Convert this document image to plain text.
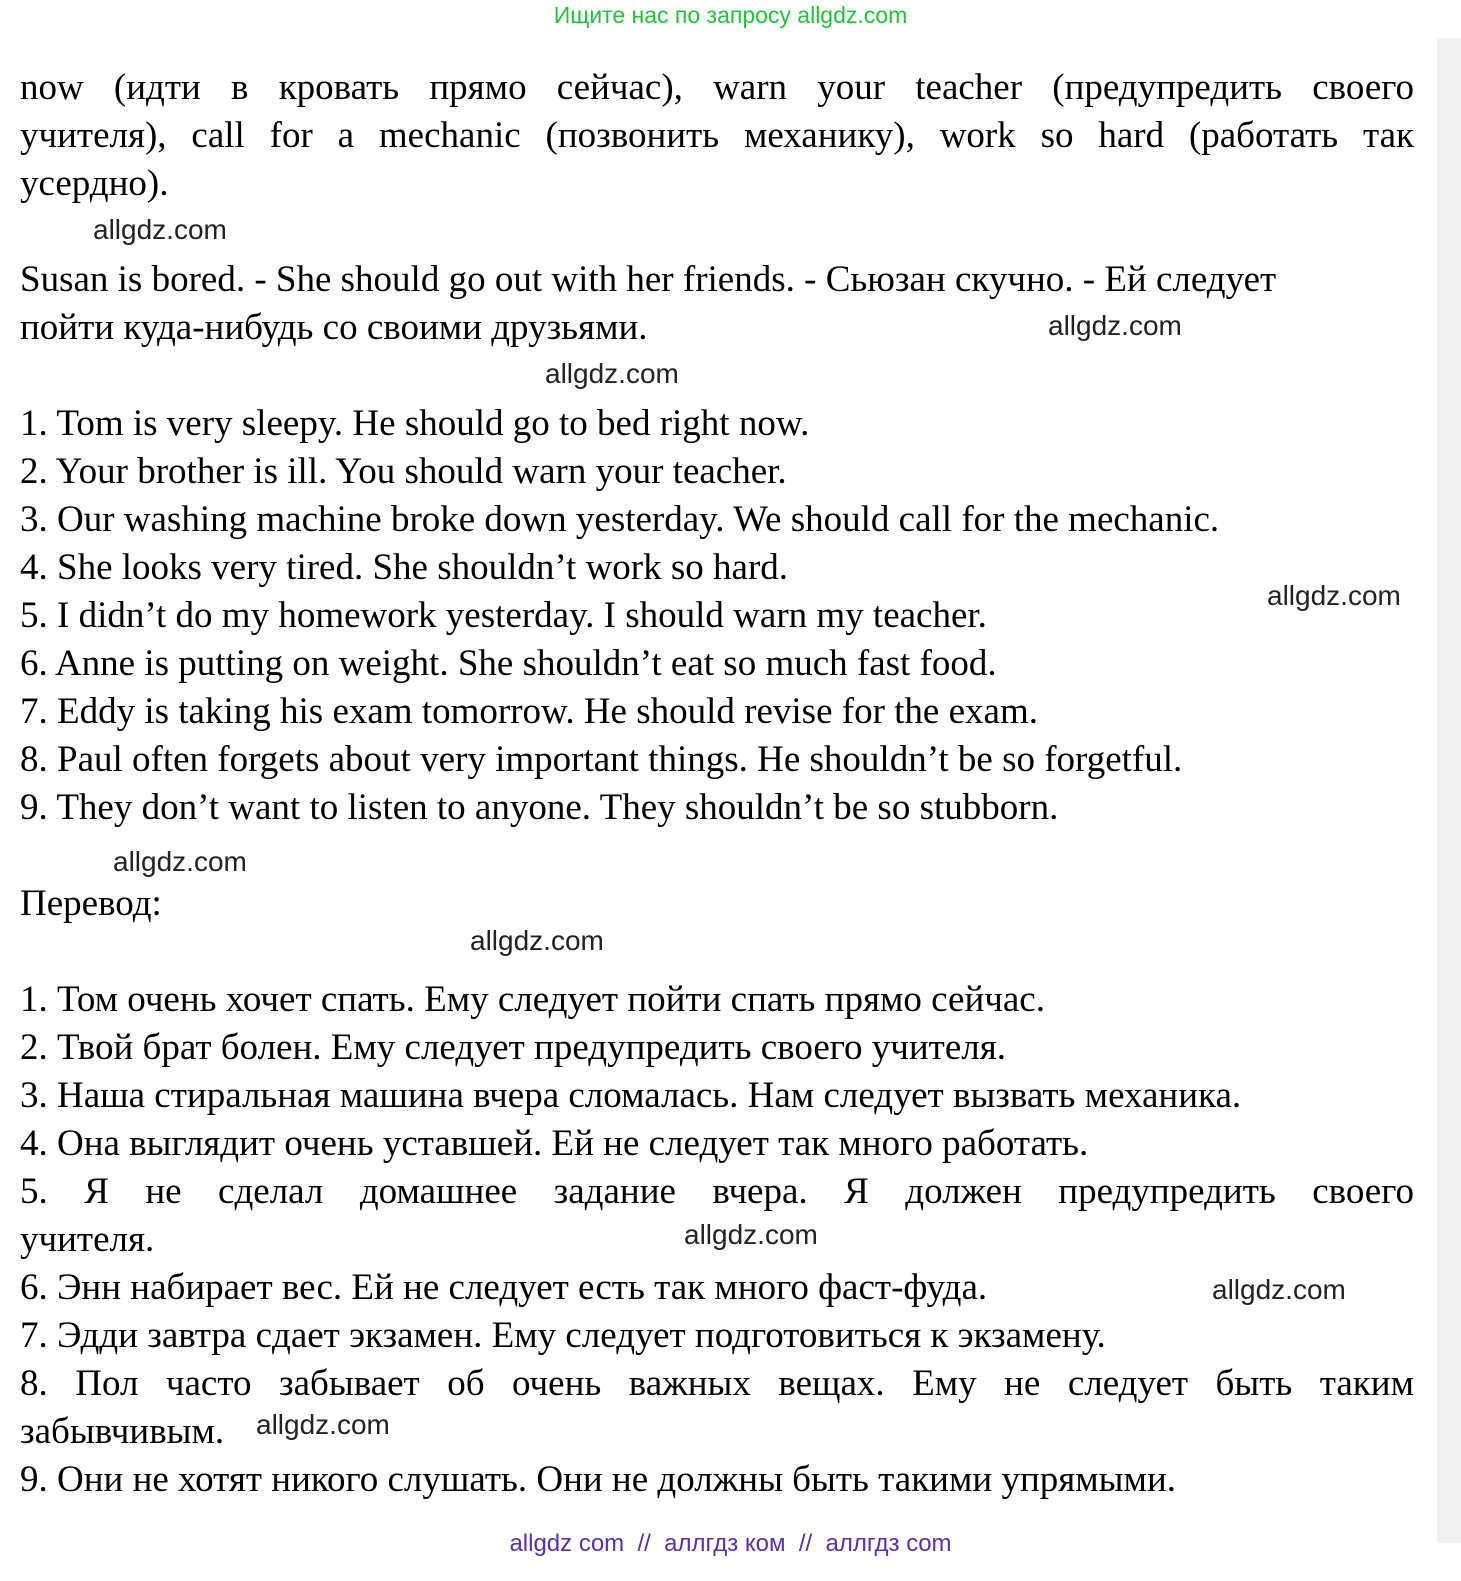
Ищите нас по запросу allgdz.com
now (идти в кровать прямо сейчас), warn your teacher (предупредить своего
учителя), call for a mechanic (позвонить механику), work so hard (работать так
усердно).
Susan is bored. - She should go out with her friends. - Сьюзан скучно. - Ей следует
пойти куда-нибудь со своими друзьями.
1. Tom is very sleepy. He should go to bed right now.
2. Your brother is ill. You should warn your teacher.
3. Our washing machine broke down yesterday. We should call for the mechanic.
4. She looks very tired. She shouldn’t work so hard.
5. I didn’t do my homework yesterday. I should warn my teacher.
6. Anne is putting on weight. She shouldn’t eat so much fast food.
7. Eddy is taking his exam tomorrow. He should revise for the exam.
8. Paul often forgets about very important things. He shouldn’t be so forgetful.
9. They don’t want to listen to anyone. They shouldn’t be so stubborn.
Перевод:
1. Том очень хочет спать. Ему следует пойти спать прямо сейчас.
2. Твой брат болен. Ему следует предупредить своего учителя.
3. Наша стиральная машина вчера сломалась. Нам следует вызвать механика.
4. Она выглядит очень уставшей. Ей не следует так много работать.
5. Я не сделал домашнее задание вчера. Я должен предупредить своего
учителя.
6. Энн набирает вес. Ей не следует есть так много фаст-фуда.
7. Эдди завтра сдает экзамен. Ему следует подготовиться к экзамену.
8. Пол часто забывает об очень важных вещах. Ему не следует быть таким
забывчивым.
9. Они не хотят никого слушать. Они не должны быть такими упрямыми.
allgdz.com
allgdz.com
allgdz.com
allgdz.com
allgdz.com
allgdz.com
allgdz.com
allgdz.com
allgdz.com
allgdz com  //  аллгдз ком  //  аллгдз com
